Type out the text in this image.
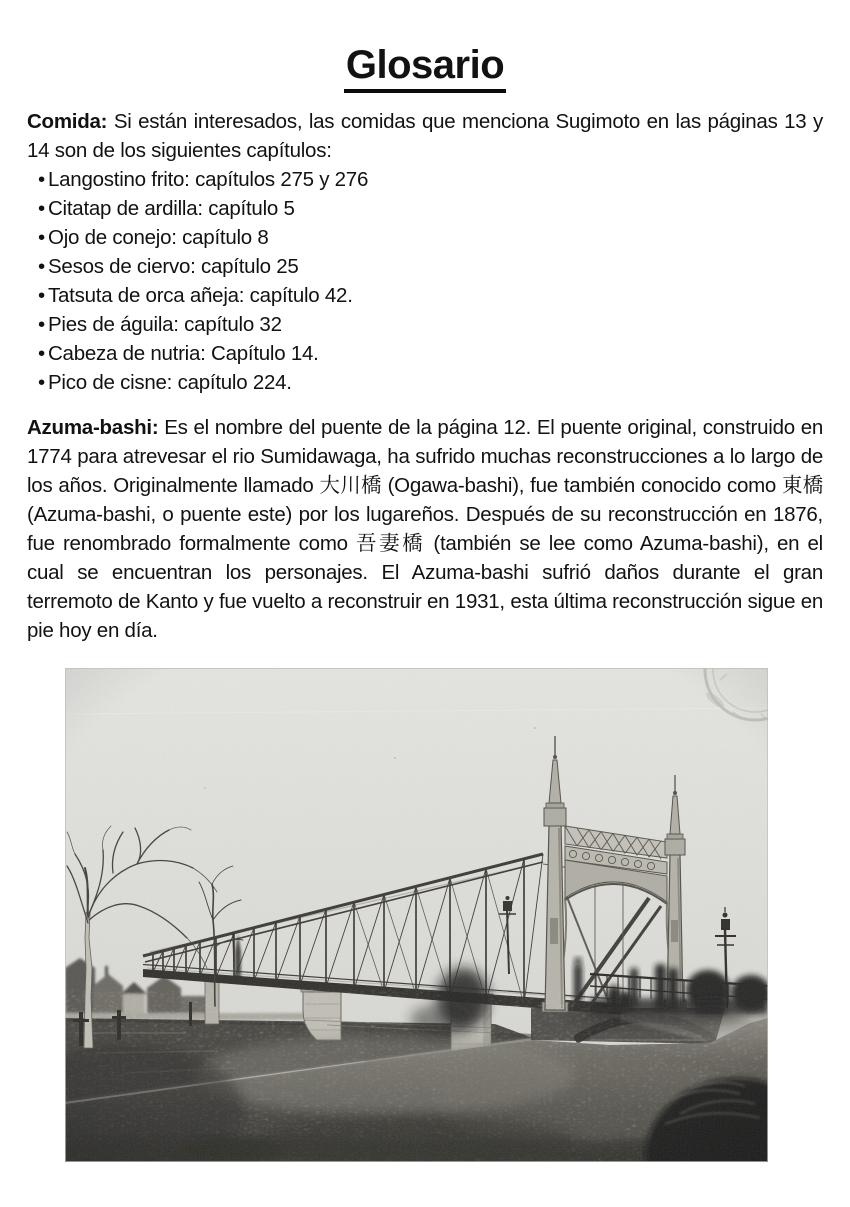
Glosario

Comida: Si están interesados, las comidas que menciona Sugimoto en las páginas 13 y 14 son de los siguientes capítulos:

• Langostino frito: capítulos 275 y 276
• Citatap de ardilla: capítulo 5
• Ojo de conejo: capítulo 8
• Sesos de ciervo: capítulo 25
• Tatsuta de orca añeja: capítulo 42.
• Pies de águila: capítulo 32
• Cabeza de nutria: Capítulo 14.
• Pico de cisne: capítulo 224.

Azuma-bashi: Es el nombre del puente de la página 12. El puente original, construido en 1774 para atrevesar el rio Sumidawaga, ha sufrido muchas reconstrucciones a lo largo de los años. Originalmente llamado 大川橋 (Ogawa-bashi), fue también conocido como 東橋 (Azuma-bashi, o puente este) por los lugareños. Después de su reconstrucción en 1876, fue renombrado formalmente como 吾妻橋 (también se lee como Azuma-bashi), en el cual se encuentran los personajes. El Azuma-bashi sufrió daños durante el gran terremoto de Kanto y fue vuelto a reconstruir en 1931, esta última reconstrucción sigue en pie hoy en día.
